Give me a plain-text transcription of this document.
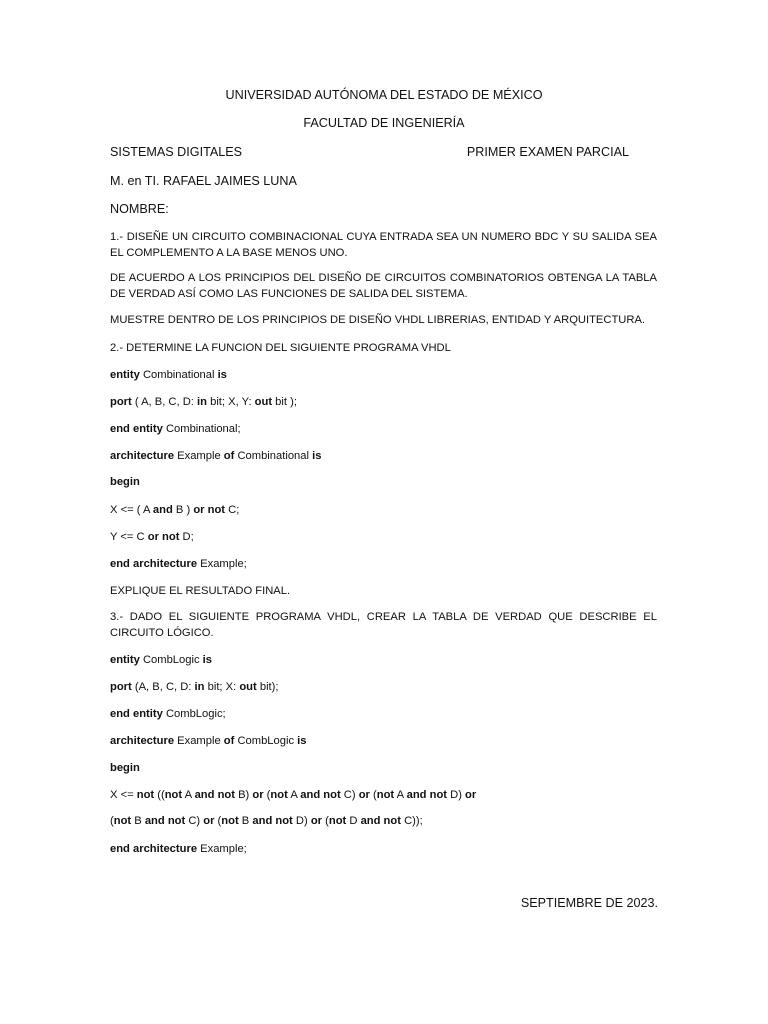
UNIVERSIDAD AUTÓNOMA DEL ESTADO DE MÉXICO
FACULTAD DE INGENIERÍA
SISTEMAS DIGITALES	PRIMER EXAMEN PARCIAL
M. en TI. RAFAEL JAIMES LUNA
NOMBRE:
1.- DISEÑE UN CIRCUITO COMBINACIONAL CUYA ENTRADA SEA UN NUMERO BDC Y SU SALIDA SEA EL COMPLEMENTO A LA BASE MENOS UNO.
DE ACUERDO A LOS PRINCIPIOS DEL DISEÑO DE CIRCUITOS COMBINATORIOS OBTENGA LA TABLA DE VERDAD ASÍ COMO LAS FUNCIONES DE SALIDA DEL SISTEMA.
MUESTRE DENTRO DE LOS PRINCIPIOS DE DISEÑO VHDL LIBRERIAS, ENTIDAD Y ARQUITECTURA.
2.- DETERMINE LA FUNCION DEL SIGUIENTE PROGRAMA VHDL
entity Combinational is
port ( A, B, C, D: in bit; X, Y: out bit );
end entity Combinational;
architecture Example of Combinational is
begin
X <= ( A and B ) or not C;
Y <= C or not D;
end architecture Example;
EXPLIQUE EL RESULTADO FINAL.
3.- DADO EL SIGUIENTE PROGRAMA VHDL, CREAR LA TABLA DE VERDAD QUE DESCRIBE EL CIRCUITO LÓGICO.
entity CombLogic is
port (A, B, C, D: in bit; X: out bit);
end entity CombLogic;
architecture Example of CombLogic is
begin
X <= not ((not A and not B) or (not A and not C) or (not A and not D) or
(not B and not C) or (not B and not D) or (not D and not C));
end architecture Example;
SEPTIEMBRE DE 2023.
